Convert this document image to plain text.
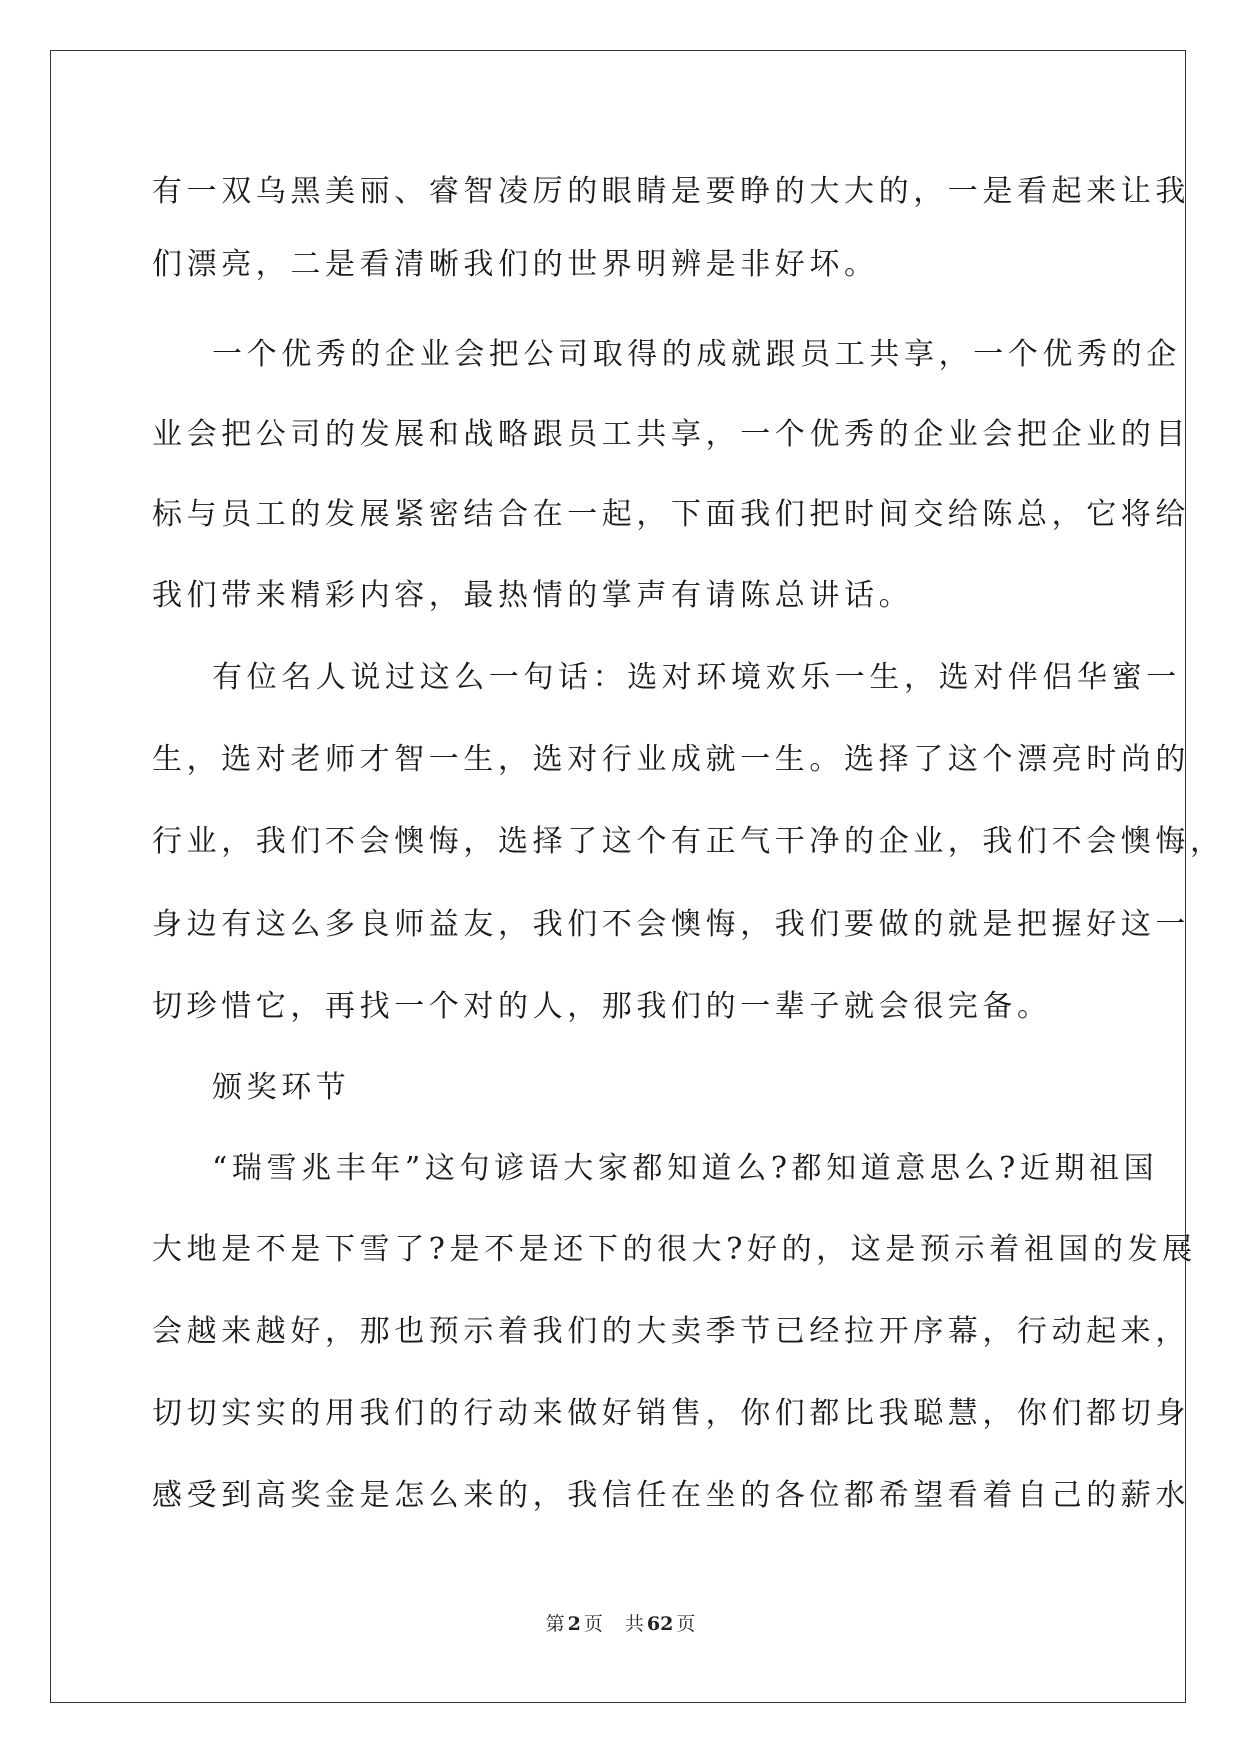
有一双乌黑美丽、睿智凌厉的眼睛是要睁的大大的，一是看起来让我
们漂亮，二是看清晰我们的世界明辨是非好坏。
一个优秀的企业会把公司取得的成就跟员工共享，一个优秀的企
业会把公司的发展和战略跟员工共享，一个优秀的企业会把企业的目
标与员工的发展紧密结合在一起，下面我们把时间交给陈总，它将给
我们带来精彩内容，最热情的掌声有请陈总讲话。
有位名人说过这么一句话：选对环境欢乐一生，选对伴侣华蜜一
生，选对老师才智一生，选对行业成就一生。选择了这个漂亮时尚的
行业，我们不会懊悔，选择了这个有正气干净的企业，我们不会懊悔，
身边有这么多良师益友，我们不会懊悔，我们要做的就是把握好这一
切珍惜它，再找一个对的人，那我们的一辈子就会很完备。
颁奖环节
“瑞雪兆丰年”这句谚语大家都知道么?都知道意思么?近期祖国
大地是不是下雪了?是不是还下的很大?好的，这是预示着祖国的发展
会越来越好，那也预示着我们的大卖季节已经拉开序幕，行动起来，
切切实实的用我们的行动来做好销售，你们都比我聪慧，你们都切身
感受到高奖金是怎么来的，我信任在坐的各位都希望看着自己的薪水
第 2 页 共 62 页
